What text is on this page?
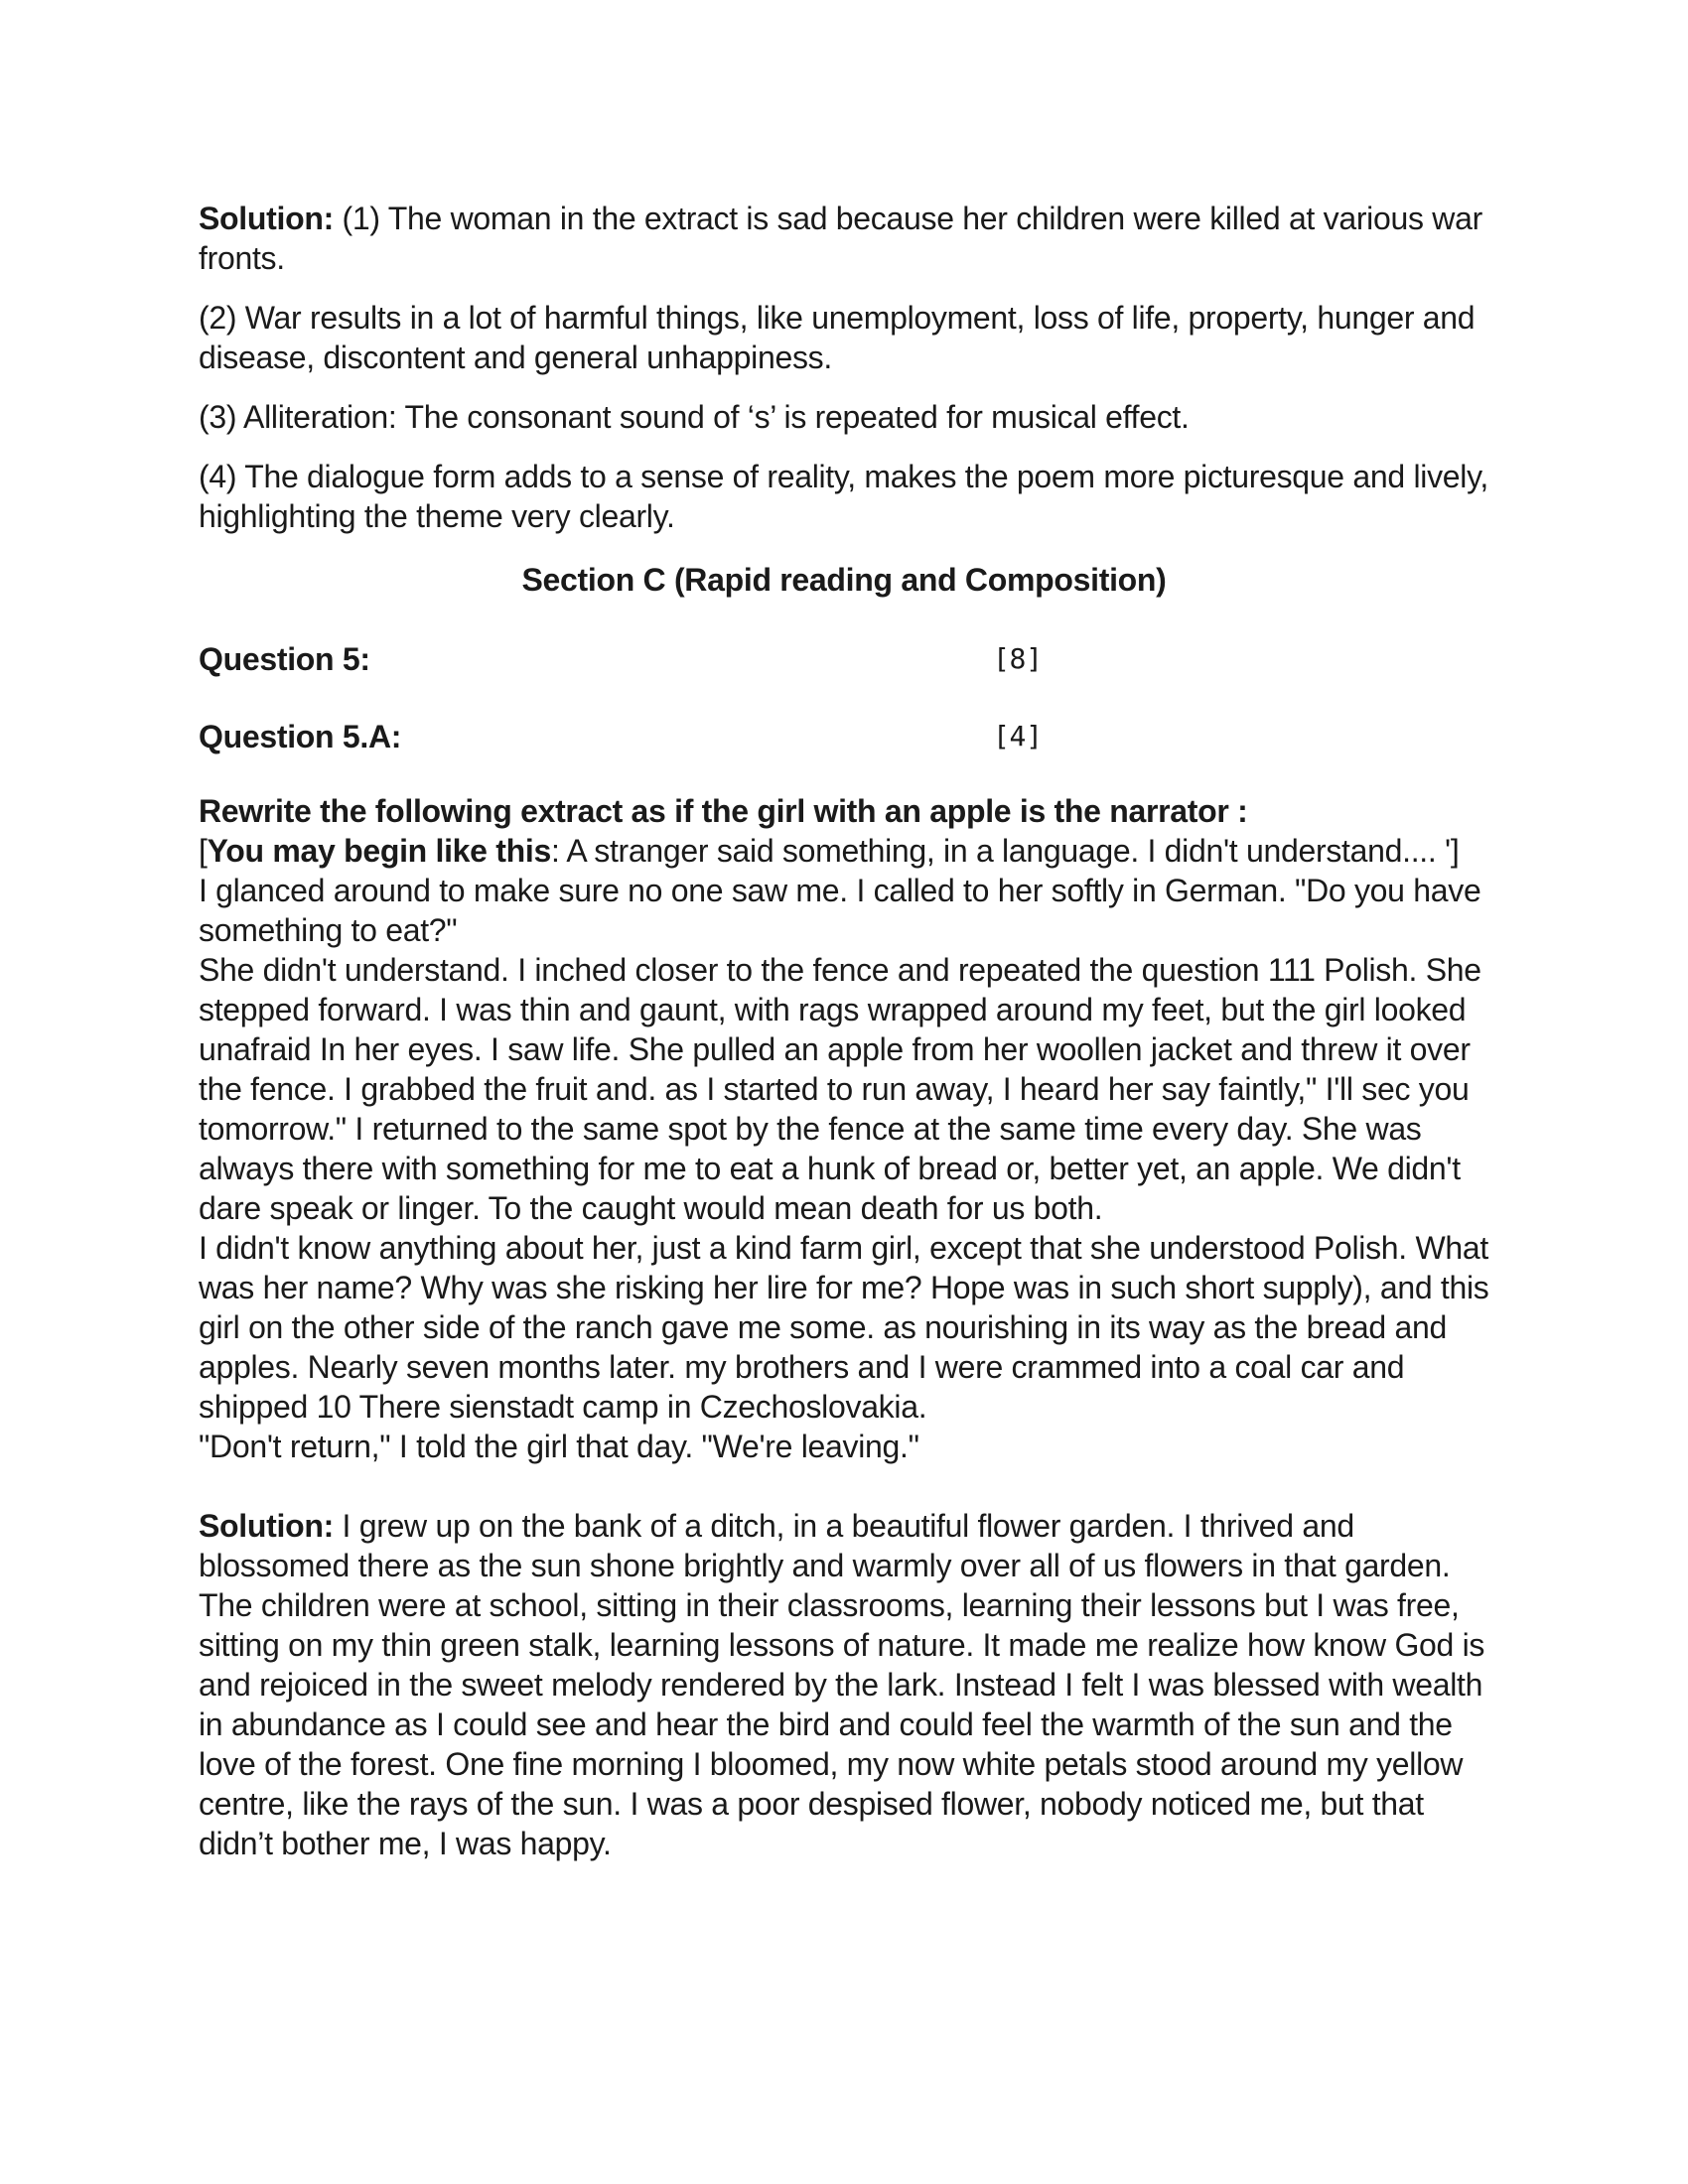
Solution: (1) The woman in the extract is sad because her children were killed at various war fronts.

(2) War results in a lot of harmful things, like unemployment, loss of life, property, hunger and disease, discontent and general unhappiness.

(3) Alliteration: The consonant sound of ‘s’ is repeated for musical effect.

(4) The dialogue form adds to a sense of reality, makes the poem more picturesque and lively, highlighting the theme very clearly.

Section C (Rapid reading and Composition)

Question 5:	[8]
Question 5.A:	[4]

Rewrite the following extract as if the girl with an apple is the narrator :

[You may begin like this: A stranger said something, in a language. I didn't understand.... ']

I glanced around to make sure no one saw me. I called to her softly in German. "Do you have something to eat?"

She didn't understand. I inched closer to the fence and repeated the question 111 Polish. She stepped forward. I was thin and gaunt, with rags wrapped around my feet, but the girl looked unafraid In her eyes. I saw life. She pulled an apple from her woollen jacket and threw it over the fence. I grabbed the fruit and. as I started to run away, I heard her say faintly," I'll sec you tomorrow." I returned to the same spot by the fence at the same time every day. She was always there with something for me to eat a hunk of bread or, better yet, an apple. We didn't dare speak or linger. To the caught would mean death for us both.

I didn't know anything about her, just a kind farm girl, except that she understood Polish. What was her name? Why was she risking her lire for me? Hope was in such short supply), and this girl on the other side of the ranch gave me some. as nourishing in its way as the bread and apples. Nearly seven months later. my brothers and I were crammed into a coal car and shipped 10 There sienstadt camp in Czechoslovakia.

"Don't return," I told the girl that day. "We're leaving."

Solution: I grew up on the bank of a ditch, in a beautiful flower garden. I thrived and blossomed there as the sun shone brightly and warmly over all of us flowers in that garden. The children were at school, sitting in their classrooms, learning their lessons but I was free, sitting on my thin green stalk, learning lessons of nature. It made me realize how know God is and rejoiced in the sweet melody rendered by the lark. Instead I felt I was blessed with wealth in abundance as I could see and hear the bird and could feel the warmth of the sun and the love of the forest. One fine morning I bloomed, my now white petals stood around my yellow centre, like the rays of the sun. I was a poor despised flower, nobody noticed me, but that didn’t bother me, I was happy.
